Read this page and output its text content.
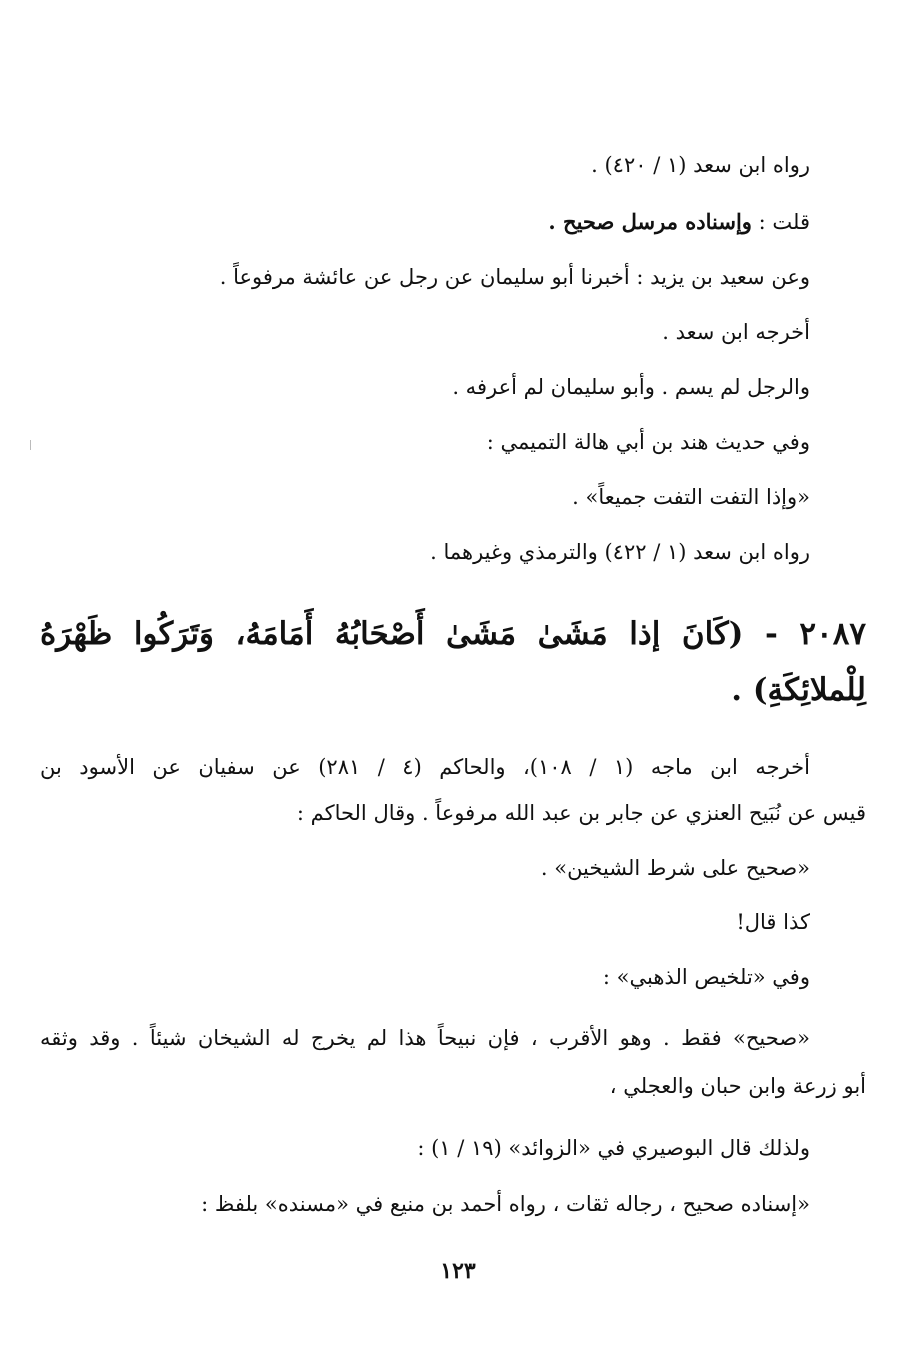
رواه ابن سعد (١ / ٤٢٠) .
قلت : وإسناده مرسل صحيح .
وعن سعيد بن يزيد : أخبرنا أبو سليمان عن رجل عن عائشة مرفوعاً .
أخرجه ابن سعد .
والرجل لم يسم . وأبو سليمان لم أعرفه .
وفي حديث هند بن أبي هالة التميمي :
«وإذا التفت التفت جميعاً» .
رواه ابن سعد (١ / ٤٢٢) والترمذي وغيرهما .
٢٠٨٧ - (كَانَ إذا مَشَىٰ مَشَىٰ أَصْحَابُهُ أَمَامَهُ، وَتَرَكُوا ظَهْرَهُ
لِلْملائِكَةِ) .
أخرجه ابن ماجه (١ / ١٠٨)، والحاكم (٤ / ٢٨١) عن سفيان عن الأسود بن
قيس عن نُبَيح العنزي عن جابر بن عبد الله مرفوعاً . وقال الحاكم :
«صحيح على شرط الشيخين» .
كذا قال!
وفي «تلخيص الذهبي» :
«صحيح» فقط . وهو الأقرب ، فإن نبيحاً هذا لم يخرج له الشيخان شيئاً . وقد وثقه
أبو زرعة وابن حبان والعجلي ،
ولذلك قال البوصيري في «الزوائد» (١٩ / ١) :
«إسناده صحيح ، رجاله ثقات ، رواه أحمد بن منيع في «مسنده» بلفظ :
١٢٣
